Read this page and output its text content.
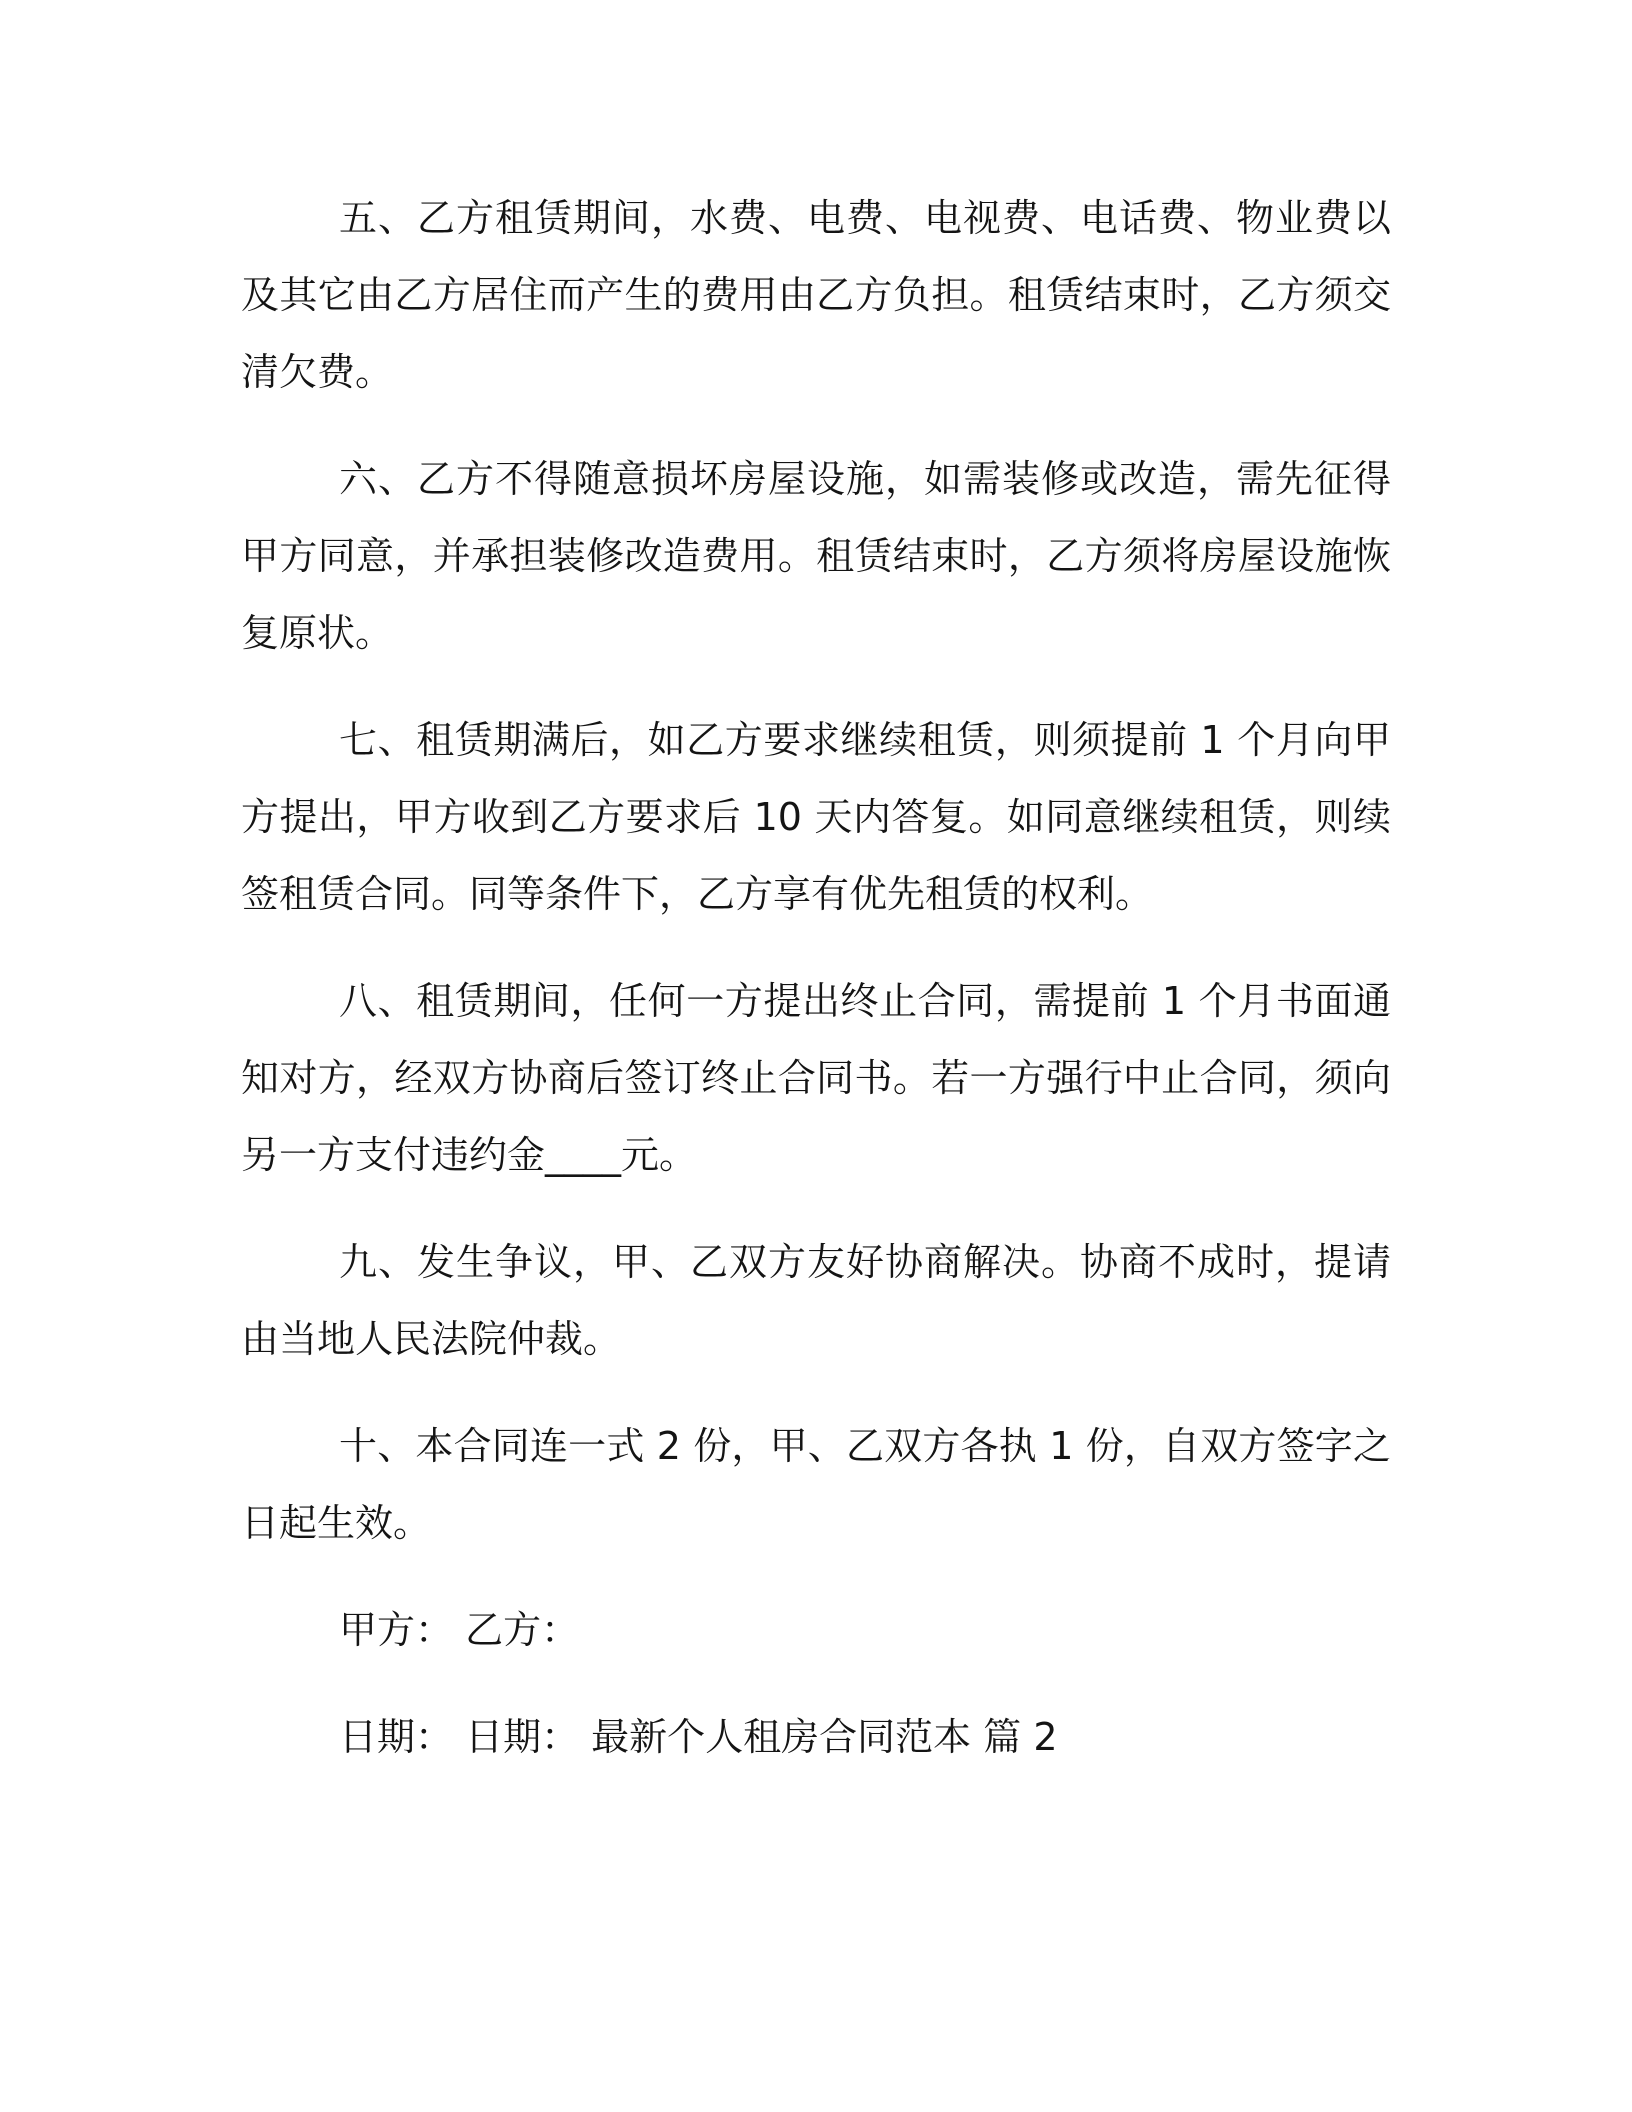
五、乙方租赁期间，水费、电费、电视费、电话费、物业费以及其它由乙方居住而产生的费用由乙方负担。租赁结束时，乙方须交清欠费。

六、乙方不得随意损坏房屋设施，如需装修或改造，需先征得甲方同意，并承担装修改造费用。租赁结束时，乙方须将房屋设施恢复原状。

七、租赁期满后，如乙方要求继续租赁，则须提前 1 个月向甲方提出，甲方收到乙方要求后 10 天内答复。如同意继续租赁，则续签租赁合同。同等条件下，乙方享有优先租赁的权利。

八、租赁期间，任何一方提出终止合同，需提前 1 个月书面通知对方，经双方协商后签订终止合同书。若一方强行中止合同，须向另一方支付违约金____元。

九、发生争议，甲、乙双方友好协商解决。协商不成时，提请由当地人民法院仲裁。

十、本合同连一式 2 份，甲、乙双方各执 1 份，自双方签字之日起生效。

甲方： 乙方：

日期： 日期： 最新个人租房合同范本 篇 2
